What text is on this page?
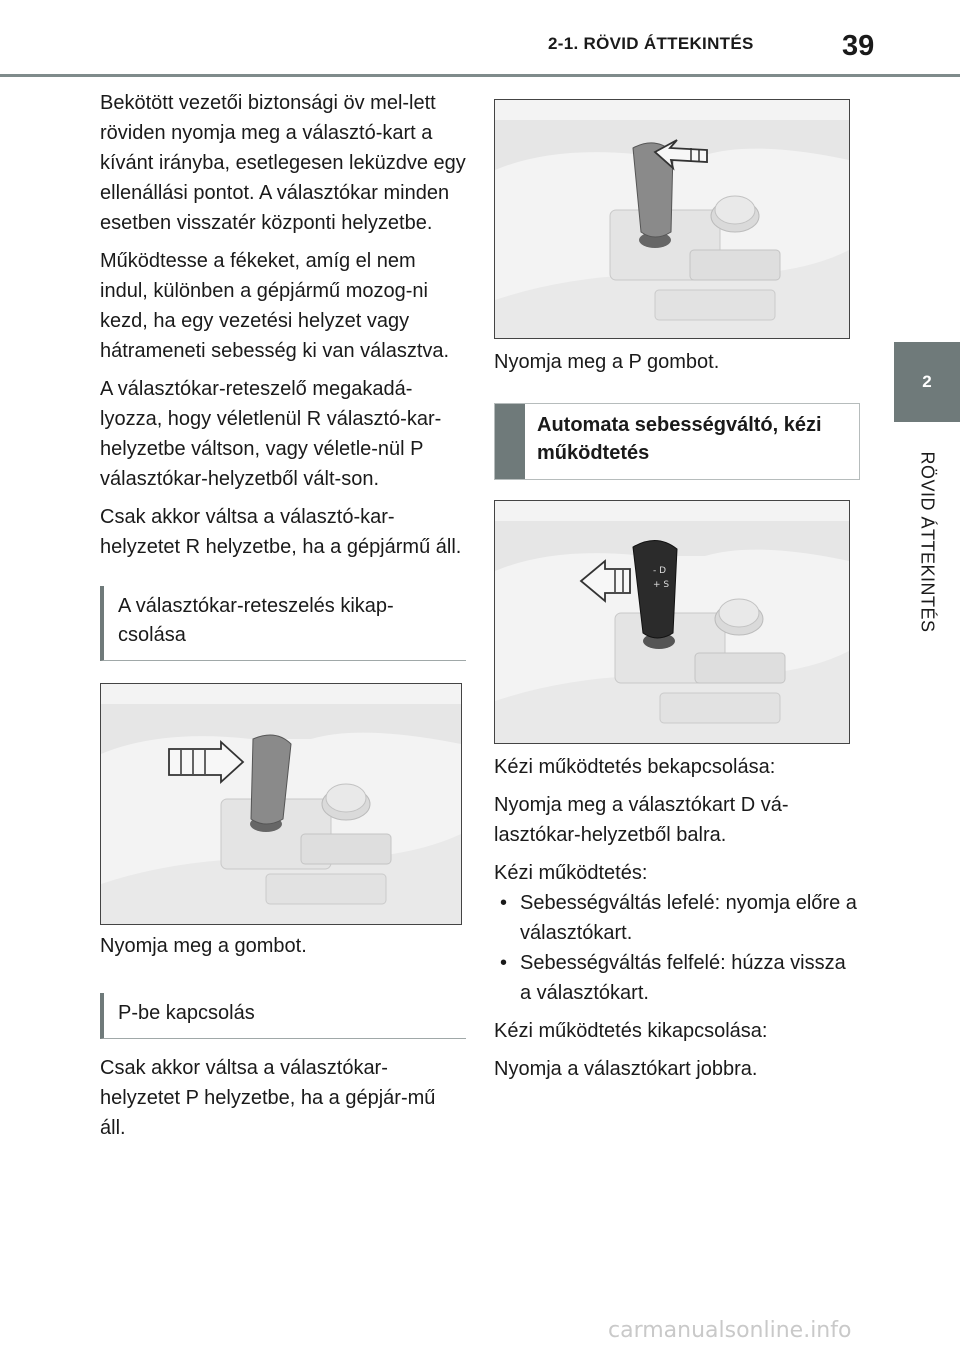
2-1. RÖVID ÁTTEKINTÉS	39
2
RÖVID ÁTTEKINTÉS

Bekötött vezetői biztonsági öv mel-lett röviden nyomja meg a választó-kart a kívánt irányba, esetlegesen leküzdve egy ellenállási pontot. A választókar minden esetben visszatér központi helyzetbe.

Működtesse a fékeket, amíg el nem indul, különben a gépjármű mozog-ni kezd, ha egy vezetési helyzet vagy hátrameneti sebesség ki van választva.

A választókar-reteszelő megakadá-lyozza, hogy véletlenül R választó-kar-helyzetbe váltson, vagy véletle-nül P választókar-helyzetből vált-son.

Csak akkor váltsa a választó-kar-helyzetet R helyzetbe, ha a gépjármű áll.

A választókar-reteszelés kikap-csolása

Nyomja meg a gombot.

P-be kapcsolás

Csak akkor váltsa a választókar-helyzetet P helyzetbe, ha a gépjár-mű áll.

Nyomja meg a P gombot.

Automata sebességváltó, kézi működtetés
- D
+ S

Kézi működtetés bekapcsolása:

Nyomja meg a választókart D vá-lasztókar-helyzetből balra.

Kézi működtetés:

• Sebességváltás lefelé: nyomja előre a választókart.
• Sebességváltás felfelé: húzza vissza a választókart.

Kézi működtetés kikapcsolása:

Nyomja a választókart jobbra.

carmanualsonline.info
